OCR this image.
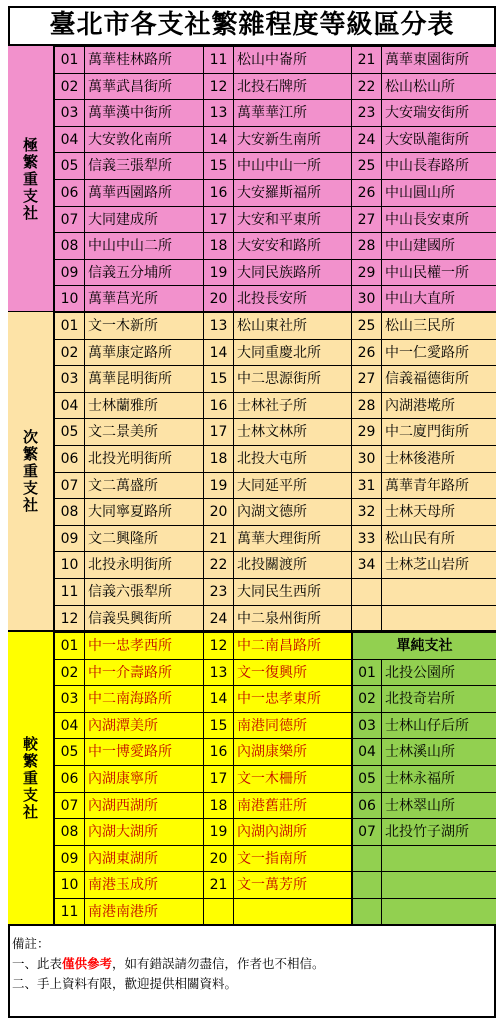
臺北市各支社繁雜程度等級區分表
極繁重支社
01 萬華桂林路所
02 萬華武昌街所
03 萬華漢中街所
04 大安敦化南所
05 信義三張犁所
06 萬華西園路所
07 大同建成所
08 中山中山二所
09 信義五分埔所
10 萬華莒光所
11 松山中崙所
12 北投石牌所
13 萬華華江所
14 大安新生南所
15 中山中山一所
16 大安羅斯福所
17 大安和平東所
18 大安安和路所
19 大同民族路所
20 北投長安所
21 萬華東園街所
22 松山松山所
23 大安瑞安街所
24 大安臥龍街所
25 中山長春路所
26 中山圓山所
27 中山長安東所
28 中山建國所
29 中山民權一所
30 中山大直所
次繁重支社
01 文一木新所
02 萬華康定路所
03 萬華昆明街所
04 士林蘭雅所
05 文二景美所
06 北投光明街所
07 文二萬盛所
08 大同寧夏路所
09 文二興隆所
10 北投永明街所
11 信義六張犁所
12 信義吳興街所
13 松山東社所
14 大同重慶北所
15 中二思源街所
16 士林社子所
17 士林文林所
18 北投大屯所
19 大同延平所
20 內湖文德所
21 萬華大理街所
22 北投關渡所
23 大同民生西所
24 中二泉州街所
25 松山三民所
26 中一仁愛路所
27 信義福德街所
28 內湖港墘所
29 中二廈門街所
30 士林後港所
31 萬華青年路所
32 士林天母所
33 松山民有所
34 士林芝山岩所
較繁重支社
01 中一忠孝西所
02 中一介壽路所
03 中二南海路所
04 內湖潭美所
05 中一博愛路所
06 內湖康寧所
07 內湖西湖所
08 內湖大湖所
09 內湖東湖所
10 南港玉成所
11 南港南港所
12 中二南昌路所
13 文一復興所
14 中一忠孝東所
15 南港同德所
16 內湖康樂所
17 文一木柵所
18 南港舊莊所
19 內湖內湖所
20 文一指南所
21 文一萬芳所
單純支社
01 北投公園所
02 北投奇岩所
03 士林山仔后所
04 士林溪山所
05 士林永福所
06 士林翠山所
07 北投竹子湖所
備註：
一、此表僅供參考，如有錯誤請勿盡信，作者也不相信。
二、手上資料有限，歡迎提供相關資料。
